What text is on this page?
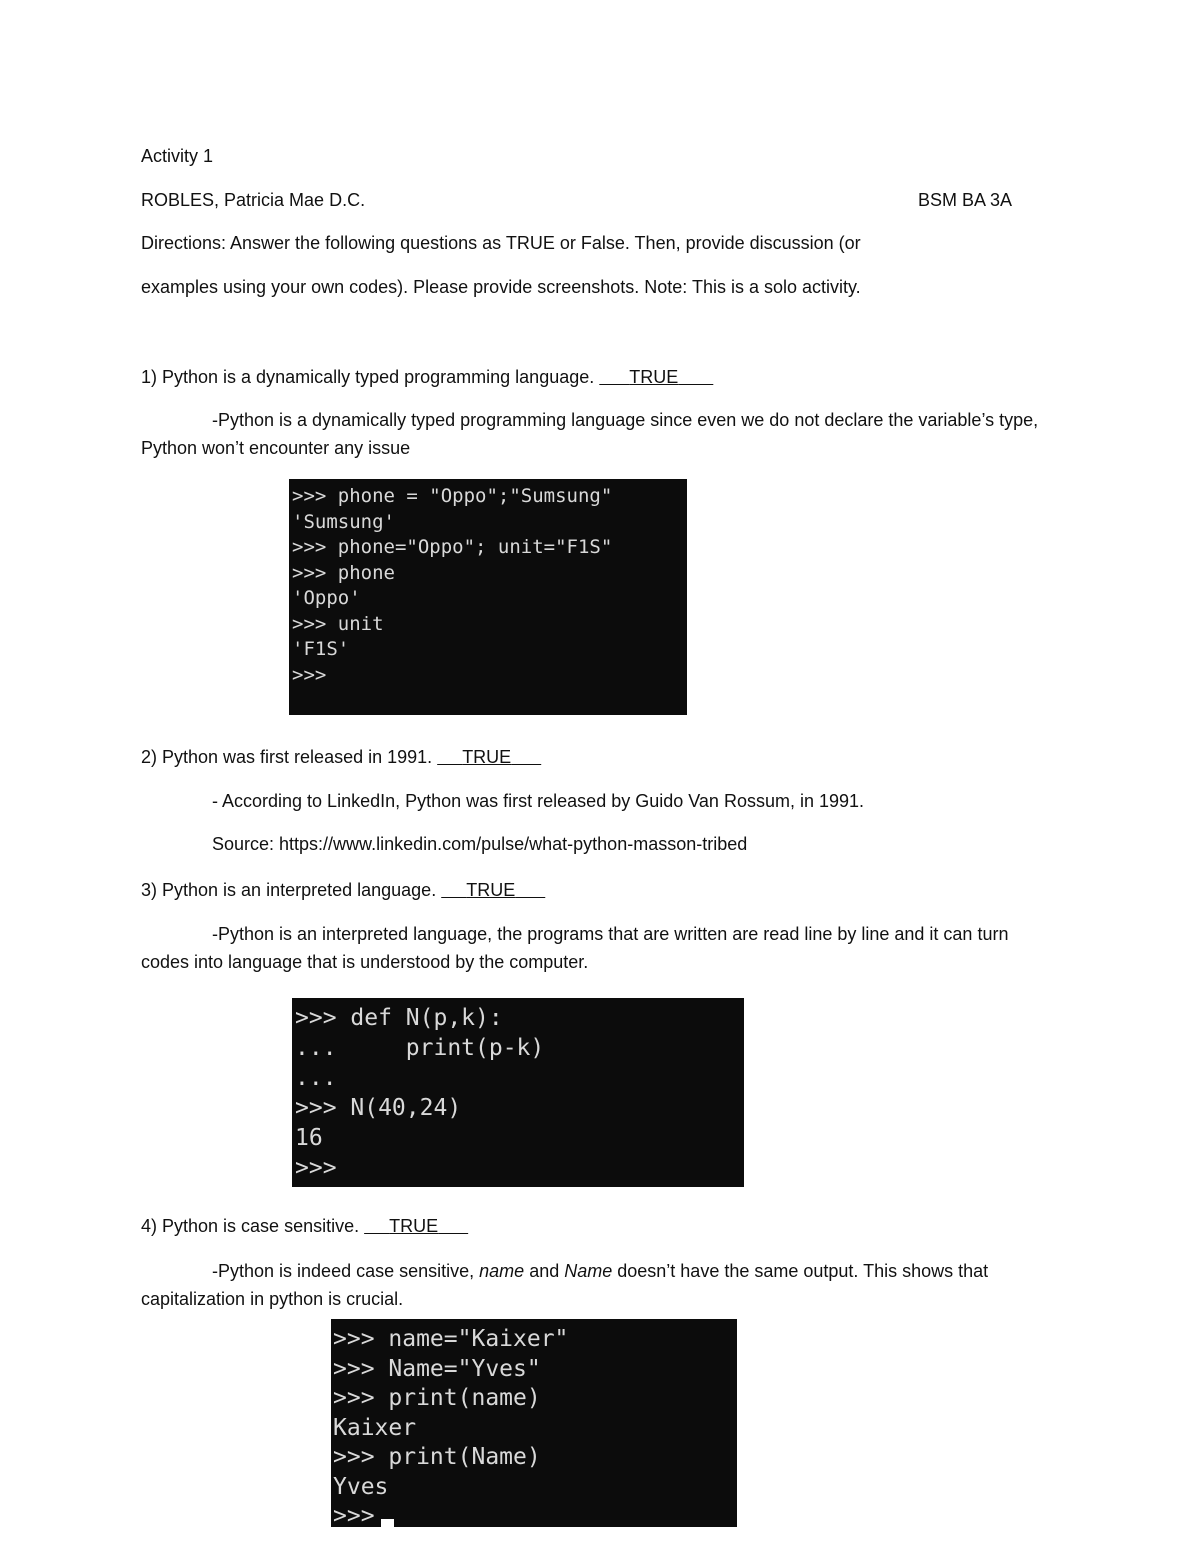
Activity 1

ROBLES, Patricia Mae D.C.	BSM BA 3A

Directions: Answer the following questions as TRUE or False. Then, provide discussion (or

examples using your own codes). Please provide screenshots. Note: This is a solo activity.

1) Python is a dynamically typed programming language. TRUE

-Python is a dynamically typed programming language since even we do not declare the variable’s type, Python won’t encounter any issue

>>> phone = "Oppo";"Sumsung"
'Sumsung'
>>> phone="Oppo"; unit="F1S"
>>> phone
'Oppo'
>>> unit
'F1S'
>>>

2) Python was first released in 1991. TRUE

- According to LinkedIn, Python was first released by Guido Van Rossum, in 1991.

Source: https://www.linkedin.com/pulse/what-python-masson-tribed

3) Python is an interpreted language. TRUE

-Python is an interpreted language, the programs that are written are read line by line and it can turn codes into language that is understood by the computer.

>>> def N(p,k):
...     print(p-k)
...
>>> N(40,24)
16
>>>

4) Python is case sensitive. TRUE

-Python is indeed case sensitive, name and Name doesn’t have the same output. This shows that capitalization in python is crucial.

>>> name="Kaixer"
>>> Name="Yves"
>>> print(name)
Kaixer
>>> print(Name)
Yves
>>>
